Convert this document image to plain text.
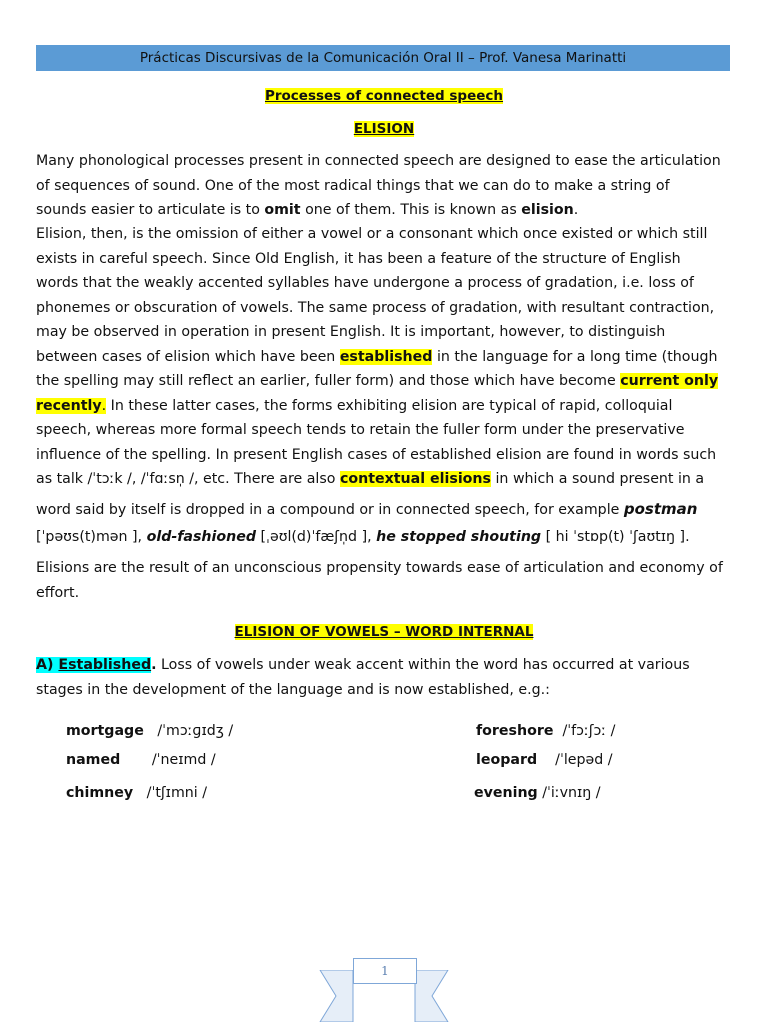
Prácticas Discursivas de la Comunicación Oral II – Prof. Vanesa Marinatti
Processes of connected speech
ELISION
Many phonological processes present in connected speech are designed to ease the articulation
of sequences of sound. One of the most radical things that we can do to make a string of
sounds easier to articulate is to omit one of them. This is known as elision.
Elision, then, is the omission of either a vowel or a consonant which once existed or which still
exists in careful speech. Since Old English, it has been a feature of the structure of English
words that the weakly accented syllables have undergone a process of gradation, i.e. loss of
phonemes or obscuration of vowels. The same process of gradation, with resultant contraction,
may be observed in operation in present English. It is important, however, to distinguish
between cases of elision which have been established in the language for a long time (though
the spelling may still reflect an earlier, fuller form) and those which have become current only
recently. In these latter cases, the forms exhibiting elision are typical of rapid, colloquial
speech, whereas more formal speech tends to retain the fuller form under the preservative
influence of the spelling. In present English cases of established elision are found in words such
as talk /ˈtɔːk /, /ˈfɑːsn̩ /, etc. There are also contextual elisions in which a sound present in a
word said by itself is dropped in a compound or in connected speech, for example postman
[ˈpəʊs(t)mən ], old-fashioned [ˌəʊl(d)ˈfæʃn̩d ], he stopped shouting [ hi ˈstɒp(t) ˈʃaʊtɪŋ ].
Elisions are the result of an unconscious propensity towards ease of articulation and economy of
effort.
ELISION OF VOWELS – WORD INTERNAL
A) Established. Loss of vowels under weak accent within the word has occurred at various
stages in the development of the language and is now established, e.g.:
mortgage /ˈmɔːɡɪdʒ /	foreshore /ˈfɔːʃɔː /
named /ˈneɪmd /	leopard /ˈlepəd /
chimney /ˈtʃɪmni /	evening /ˈiːvnɪŋ /
1
